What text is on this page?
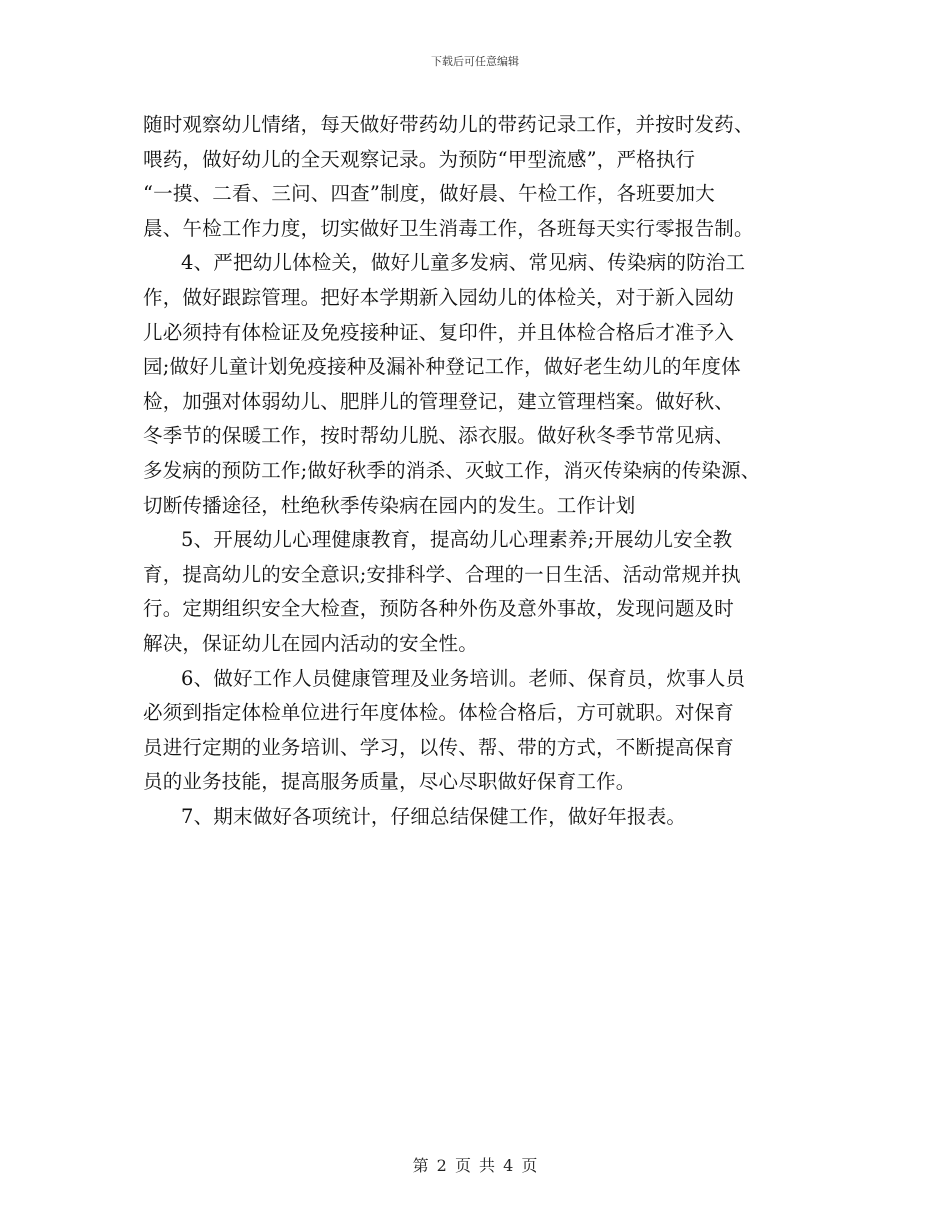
下载后可任意编辑
随时观察幼儿情绪，每天做好带药幼儿的带药记录工作，并按时发药、
喂药，做好幼儿的全天观察记录。为预防“甲型流感”，严格执行
“一摸、二看、三问、四查”制度，做好晨、午检工作，各班要加大
晨、午检工作力度，切实做好卫生消毒工作，各班每天实行零报告制。
4、严把幼儿体检关，做好儿童多发病、常见病、传染病的防治工
作，做好跟踪管理。把好本学期新入园幼儿的体检关，对于新入园幼
儿必须持有体检证及免疫接种证、复印件，并且体检合格后才准予入
园;做好儿童计划免疫接种及漏补种登记工作，做好老生幼儿的年度体
检，加强对体弱幼儿、肥胖儿的管理登记，建立管理档案。做好秋、
冬季节的保暖工作，按时帮幼儿脱、添衣服。做好秋冬季节常见病、
多发病的预防工作;做好秋季的消杀、灭蚊工作，消灭传染病的传染源、
切断传播途径，杜绝秋季传染病在园内的发生。工作计划
5、开展幼儿心理健康教育，提高幼儿心理素养;开展幼儿安全教
育，提高幼儿的安全意识;安排科学、合理的一日生活、活动常规并执
行。定期组织安全大检查，预防各种外伤及意外事故，发现问题及时
解决，保证幼儿在园内活动的安全性。
6、做好工作人员健康管理及业务培训。老师、保育员，炊事人员
必须到指定体检单位进行年度体检。体检合格后，方可就职。对保育
员进行定期的业务培训、学习，以传、帮、带的方式，不断提高保育
员的业务技能，提高服务质量，尽心尽职做好保育工作。
7、期末做好各项统计，仔细总结保健工作，做好年报表。
第 2 页 共 4 页
